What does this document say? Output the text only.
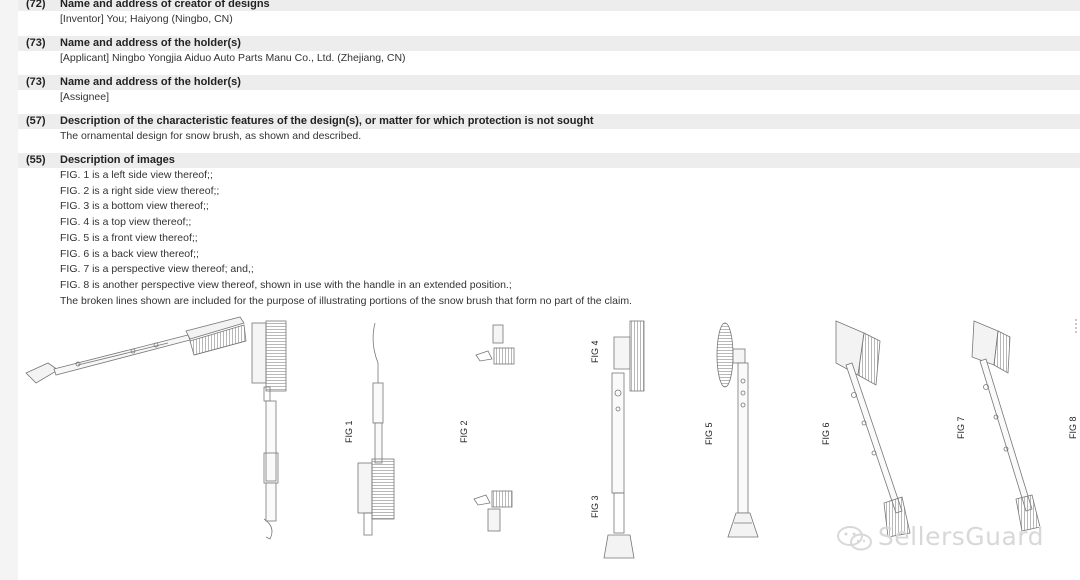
(72) Name and address of creator of designs
[Inventor] You; Haiyong (Ningbo, CN)
(73) Name and address of the holder(s)
[Applicant] Ningbo Yongjia Aiduo Auto Parts Manu Co., Ltd. (Zhejiang, CN)
(73) Name and address of the holder(s)
[Assignee]
(57) Description of the characteristic features of the design(s), or matter for which protection is not sought
The ornamental design for snow brush, as shown and described.
(55) Description of images
FIG. 1 is a left side view thereof;;
FIG. 2 is a right side view thereof;;
FIG. 3 is a bottom view thereof;;
FIG. 4 is a top view thereof;;
FIG. 5 is a front view thereof;;
FIG. 6 is a back view thereof;;
FIG. 7 is a perspective view thereof; and,;
FIG. 8 is another perspective view thereof, shown in use with the handle in an extended position.;
The broken lines shown are included for the purpose of illustrating portions of the snow brush that form no part of the claim.
FIG 1	FIG 2
FIG 3
FIG 4
FIG 5	FIG 6	FIG 7	FIG 8
SellersGuard
